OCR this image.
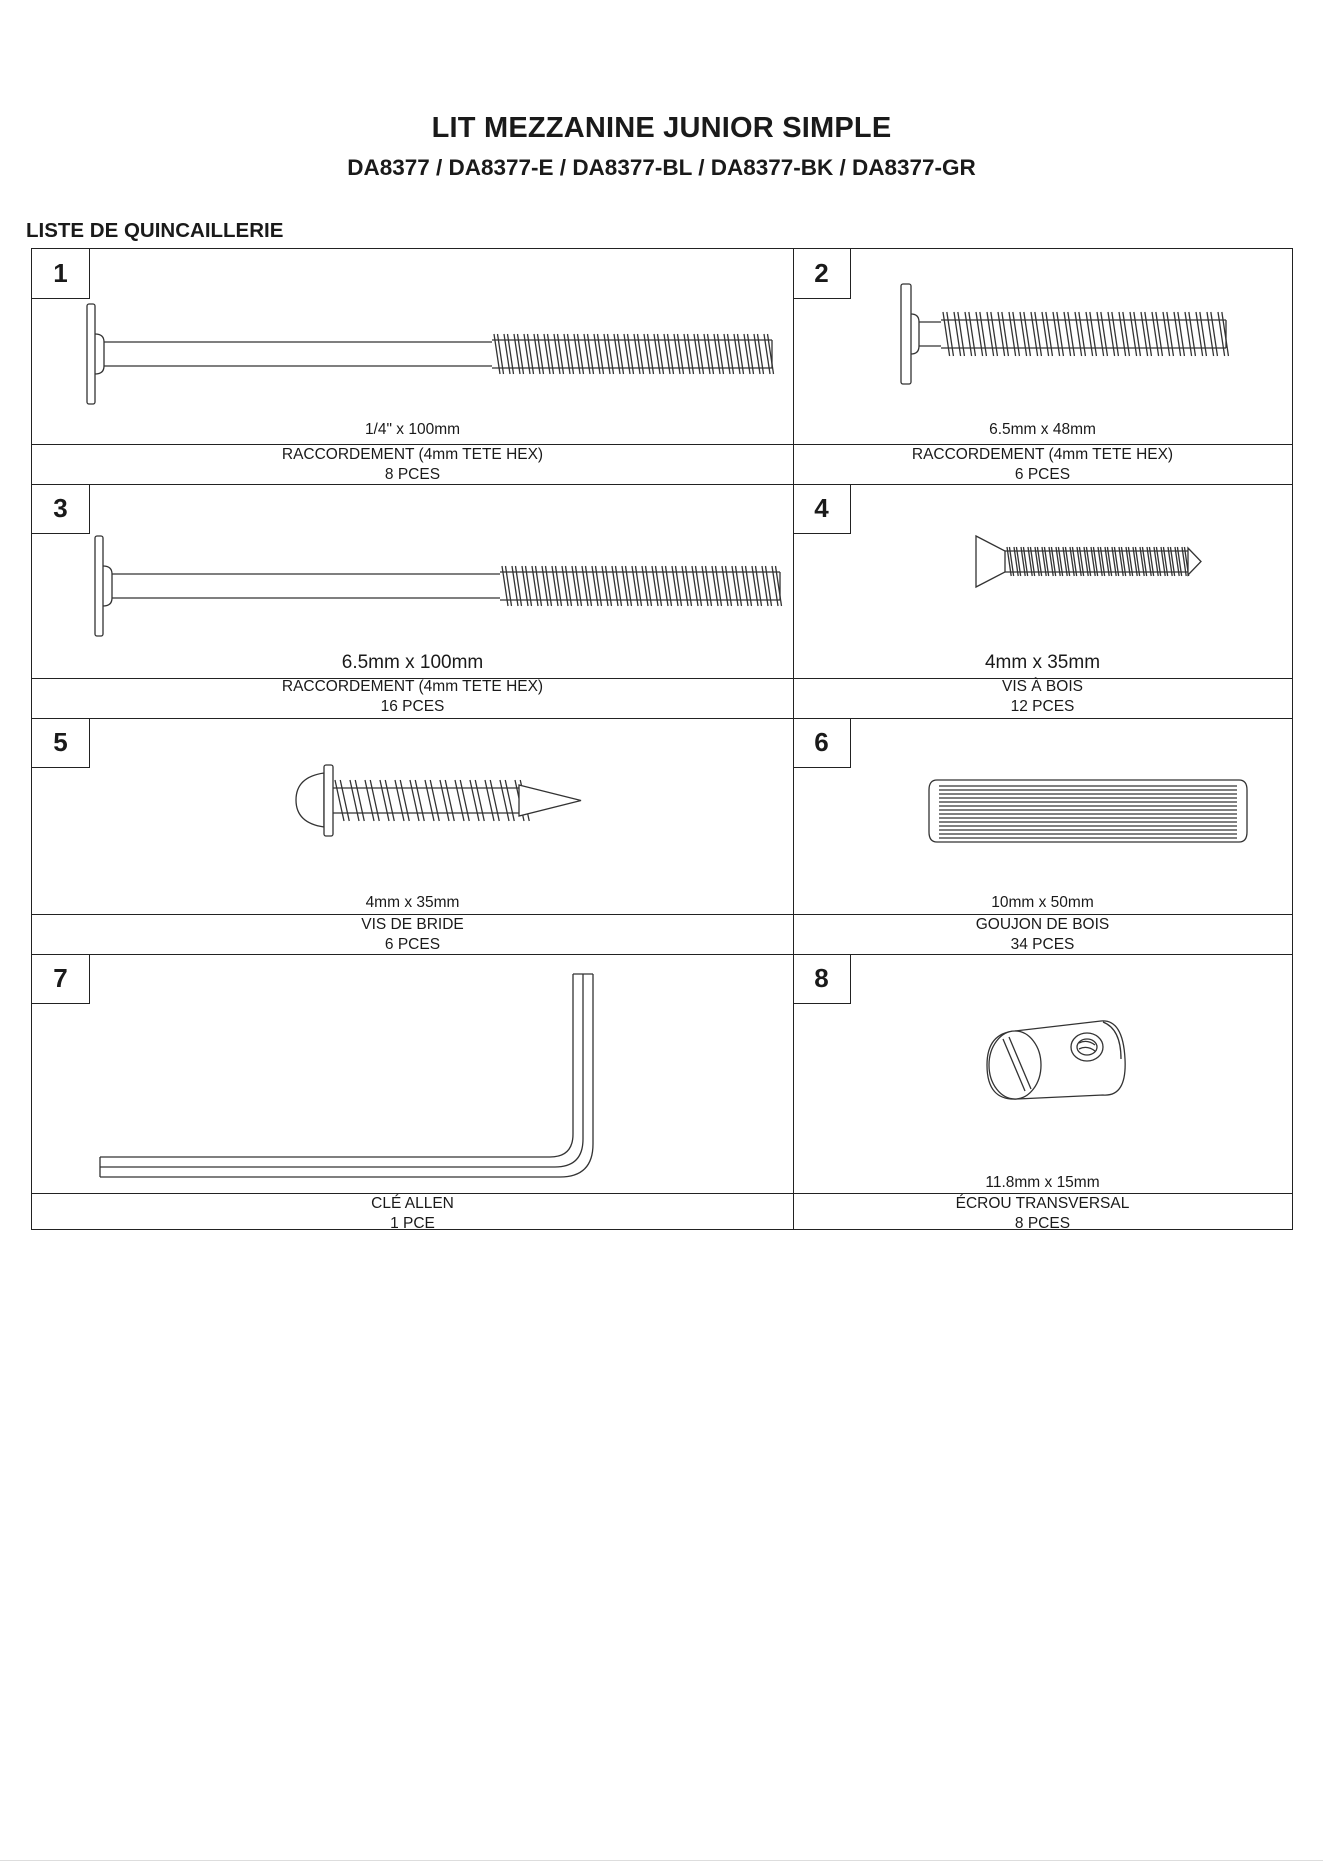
LIT MEZZANINE JUNIOR SIMPLE
DA8377 / DA8377-E / DA8377-BL / DA8377-BK / DA8377-GR
LISTE DE QUINCAILLERIE
1
1/4" x 100mm
RACCORDEMENT (4mm TETE HEX)
8 PCES
2
6.5mm x 48mm
RACCORDEMENT (4mm TETE HEX)
6 PCES
3
6.5mm x 100mm
RACCORDEMENT (4mm TETE HEX)
16 PCES
4
4mm x 35mm
VIS À BOIS
12 PCES
5
4mm x 35mm
VIS DE BRIDE
6 PCES
6
10mm x 50mm
GOUJON DE BOIS
34 PCES
7
CLÉ ALLEN
1 PCE
8
11.8mm x 15mm
ÉCROU TRANSVERSAL
8 PCES
